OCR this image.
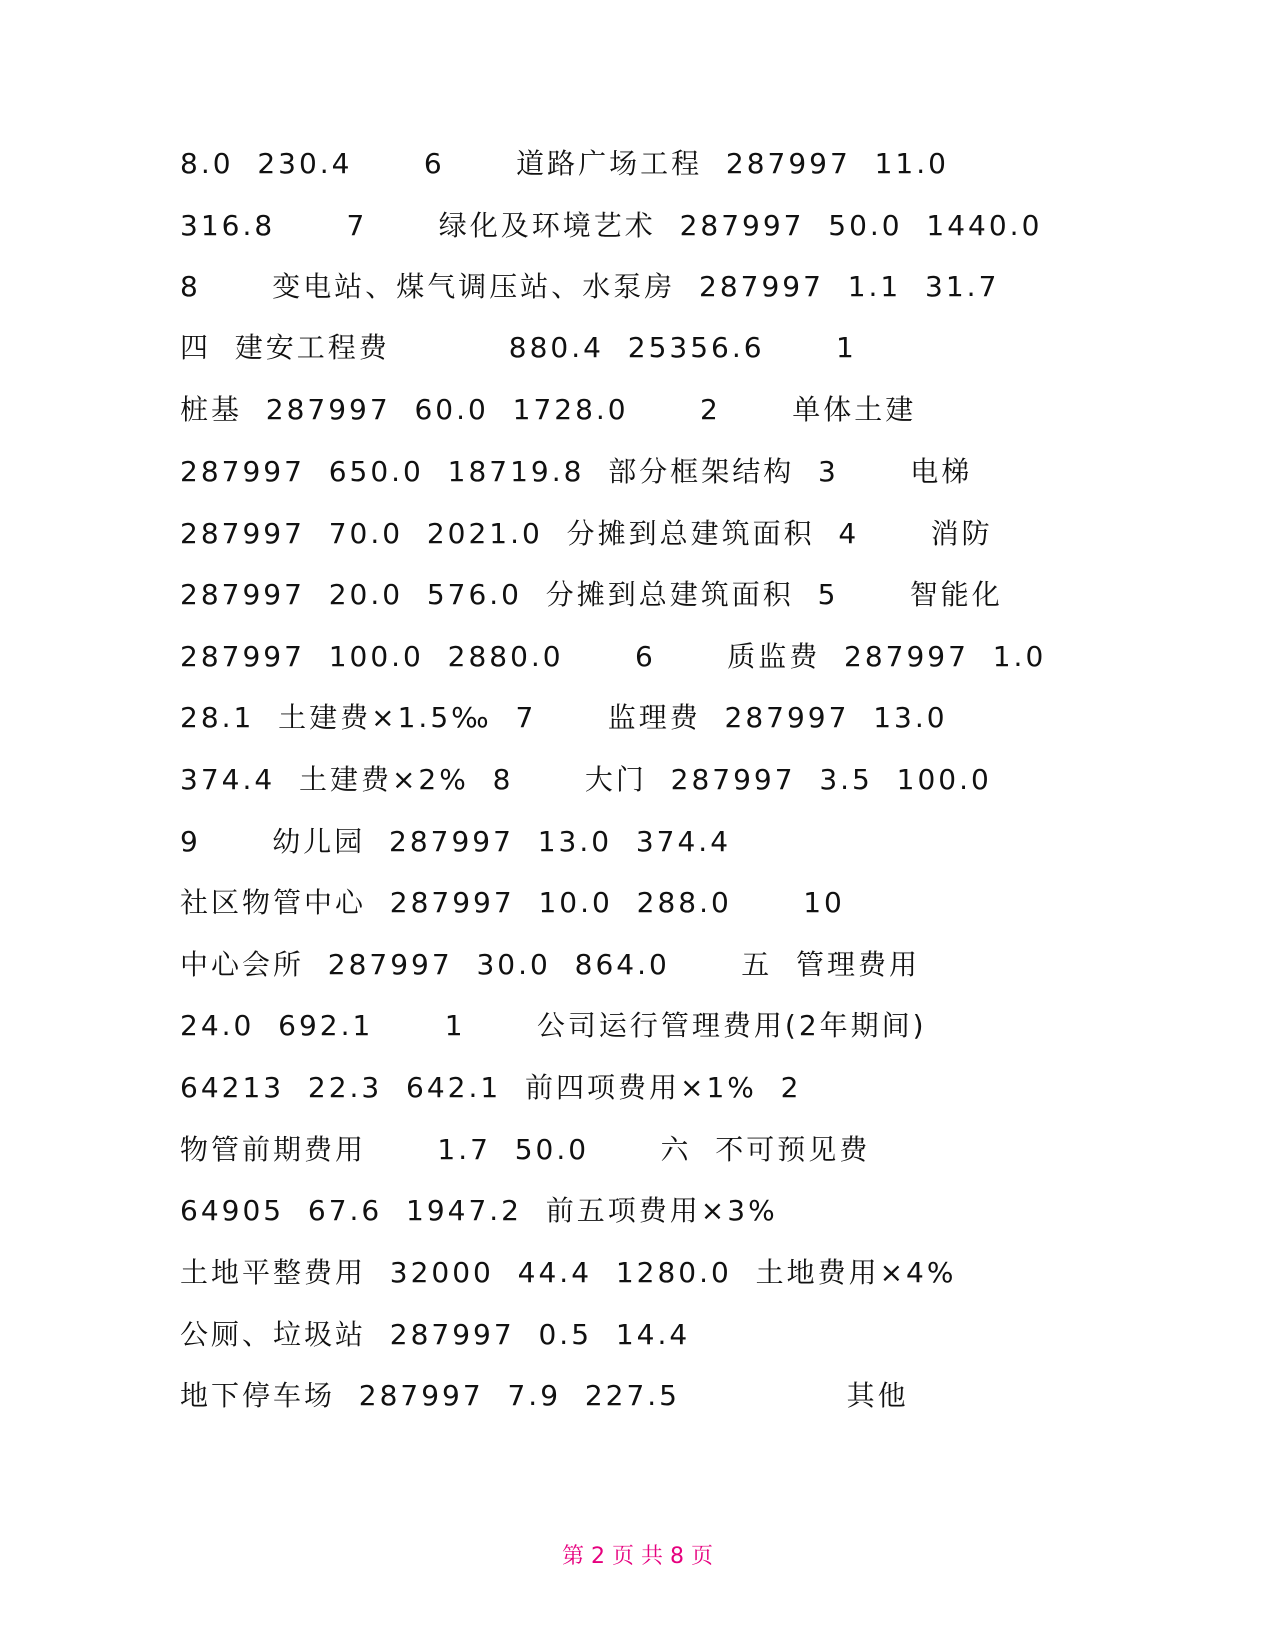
8.0  230.4      6      道路广场工程  287997  11.0
316.8      7      绿化及环境艺术  287997  50.0  1440.0
8      变电站、煤气调压站、水泵房  287997  1.1  31.7
四  建安工程费          880.4  25356.6      1
桩基  287997  60.0  1728.0      2      单体土建
287997  650.0  18719.8  部分框架结构  3      电梯
287997  70.0  2021.0  分摊到总建筑面积  4      消防
287997  20.0  576.0  分摊到总建筑面积  5      智能化
287997  100.0  2880.0      6      质监费  287997  1.0
28.1  土建费×1.5‰  7      监理费  287997  13.0
374.4  土建费×2%  8      大门  287997  3.5  100.0
9      幼儿园  287997  13.0  374.4
社区物管中心  287997  10.0  288.0      10
中心会所  287997  30.0  864.0      五  管理费用
24.0  692.1      1      公司运行管理费用(2年期间)
64213  22.3  642.1  前四项费用×1%  2
物管前期费用      1.7  50.0      六  不可预见费
64905  67.6  1947.2  前五项费用×3%
土地平整费用  32000  44.4  1280.0  土地费用×4%
公厕、垃圾站  287997  0.5  14.4
地下停车场  287997  7.9  227.5              其他
第 2 页 共 8 页
